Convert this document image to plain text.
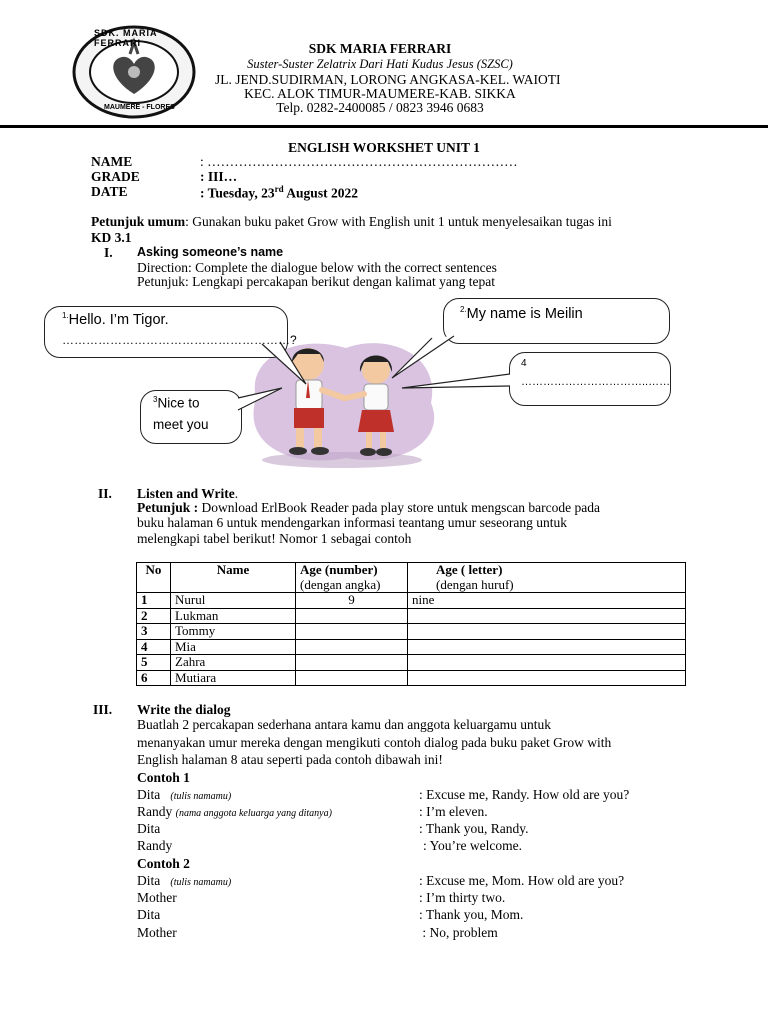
SDK. MARIA FERRARI
MAUMERE - FLORES
SDK MARIA FERRARI
Suster-Suster Zelatrix Dari Hati Kudus Jesus (SZSC)
JL. JEND.SUDIRMAN, LORONG ANGKASA-KEL. WAIOTI
KEC. ALOK TIMUR-MAUMERE-KAB. SIKKA
Telp. 0282-2400085 / 0823 3946 0683
ENGLISH WORKSHET UNIT 1
NAME	: ……………………………………………………………
GRADE	: III…
DATE	: Tuesday, 23rd August 2022
Petunjuk umum: Gunakan buku paket Grow with English unit 1 untuk menyelesaikan tugas ini
KD 3.1
I. Asking someone’s name
Direction: Complete the dialogue below with the correct sentences
Petunjuk: Lengkapi percakapan berikut dengan kalimat yang tepat
$^{1.}$Hello. I’m Tigor.
…………………………………………………?
$^{2.}$My name is Meilin
4
……………………………..……
$^3$Nice to
meet you
II. Listen and Write.
Petunjuk : Download ErlBook Reader pada play store untuk mengscan barcode pada
buku halaman 6 untuk mendengarkan informasi teantang umur seseorang untuk
melengkapi tabel berikut! Nomor 1 sebagai contoh
No	Name	Age (number)	Age ( letter)
		(dengan angka)	(dengan huruf)
1	Nurul	9	nine
2	Lukman		
3	Tommy		
4	Mia		
5	Zahra		
6	Mutiara		
III. Write the dialog
Buatlah 2 percakapan sederhana antara kamu dan anggota keluargamu untuk
menanyakan umur mereka dengan mengikuti contoh dialog pada buku paket Grow with
English halaman 8 atau seperti pada contoh dibawah ini!
Contoh 1
Dita (tulis namamu)	: Excuse me, Randy. How old are you?
Randy (nama anggota keluarga yang ditanya)	: I’m eleven.
Dita	: Thank you, Randy.
Randy	: You’re welcome.
Contoh 2
Dita (tulis namamu)	: Excuse me, Mom. How old are you?
Mother	: I’m thirty two.
Dita	: Thank you, Mom.
Mother	: No, problem
